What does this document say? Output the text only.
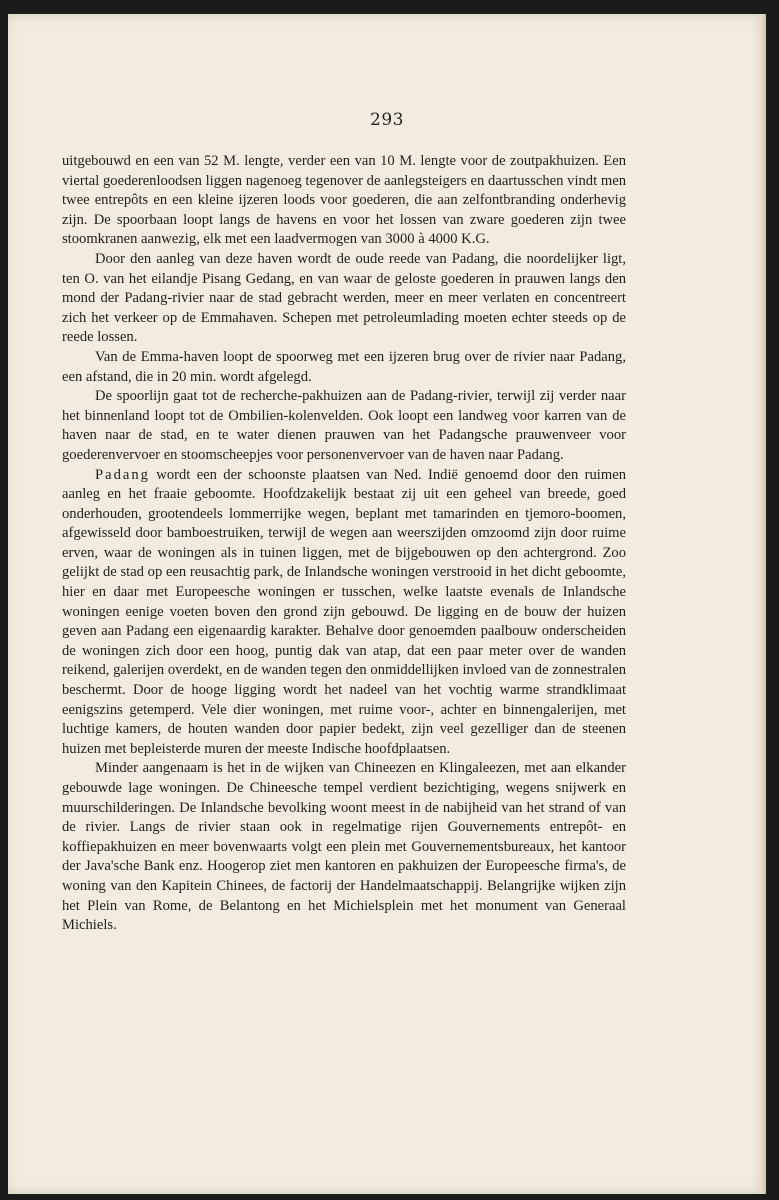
293

uitgebouwd en een van 52 M. lengte, verder een van 10 M. lengte voor de zoutpakhuizen. Een viertal goederenloodsen liggen nagenoeg tegenover de aanlegsteigers en daartusschen vindt men twee entrepôts en een kleine ijzeren loods voor goederen, die aan zelfontbranding onderhevig zijn. De spoorbaan loopt langs de havens en voor het lossen van zware goederen zijn twee stoomkranen aanwezig, elk met een laadvermogen van 3000 à 4000 K.G.

Door den aanleg van deze haven wordt de oude reede van Padang, die noordelijker ligt, ten O. van het eilandje Pisang Gedang, en van waar de geloste goederen in prauwen langs den mond der Padang-rivier naar de stad gebracht werden, meer en meer verlaten en concentreert zich het verkeer op de Emmahaven. Schepen met petroleumlading moeten echter steeds op de reede lossen.

Van de Emma-haven loopt de spoorweg met een ijzeren brug over de rivier naar Padang, een afstand, die in 20 min. wordt afgelegd.

De spoorlijn gaat tot de recherche-pakhuizen aan de Padang-rivier, terwijl zij verder naar het binnenland loopt tot de Ombilien-kolenvelden. Ook loopt een landweg voor karren van de haven naar de stad, en te water dienen prauwen van het Padangsche prauwenveer voor goederenvervoer en stoomscheepjes voor personenvervoer van de haven naar Padang.

Padang wordt een der schoonste plaatsen van Ned. Indië genoemd door den ruimen aanleg en het fraaie geboomte. Hoofdzakelijk bestaat zij uit een geheel van breede, goed onderhouden, grootendeels lommerrijke wegen, beplant met tamarinden en tjemoro-boomen, afgewisseld door bamboestruiken, terwijl de wegen aan weerszijden omzoomd zijn door ruime erven, waar de woningen als in tuinen liggen, met de bijgebouwen op den achtergrond. Zoo gelijkt de stad op een reusachtig park, de Inlandsche woningen verstrooid in het dicht geboomte, hier en daar met Europeesche woningen er tusschen, welke laatste evenals de Inlandsche woningen eenige voeten boven den grond zijn gebouwd. De ligging en de bouw der huizen geven aan Padang een eigenaardig karakter. Behalve door genoemden paalbouw onderscheiden de woningen zich door een hoog, puntig dak van atap, dat een paar meter over de wanden reikend, galerijen overdekt, en de wanden tegen den onmiddellijken invloed van de zonnestralen beschermt. Door de hooge ligging wordt het nadeel van het vochtig warme strandklimaat eenigszins getemperd. Vele dier woningen, met ruime voor-, achter en binnengalerijen, met luchtige kamers, de houten wanden door papier bedekt, zijn veel gezelliger dan de steenen huizen met bepleisterde muren der meeste Indische hoofdplaatsen.

Minder aangenaam is het in de wijken van Chineezen en Klingaleezen, met aan elkander gebouwde lage woningen. De Chineesche tempel verdient bezichtiging, wegens snijwerk en muurschilderingen. De Inlandsche bevolking woont meest in de nabijheid van het strand of van de rivier. Langs de rivier staan ook in regelmatige rijen Gouvernements entrepôt- en koffiepakhuizen en meer bovenwaarts volgt een plein met Gouvernementsbureaux, het kantoor der Java'sche Bank enz. Hoogerop ziet men kantoren en pakhuizen der Europeesche firma's, de woning van den Kapitein Chinees, de factorij der Handelmaatschappij. Belangrijke wijken zijn het Plein van Rome, de Belantong en het Michielsplein met het monument van Generaal Michiels.
